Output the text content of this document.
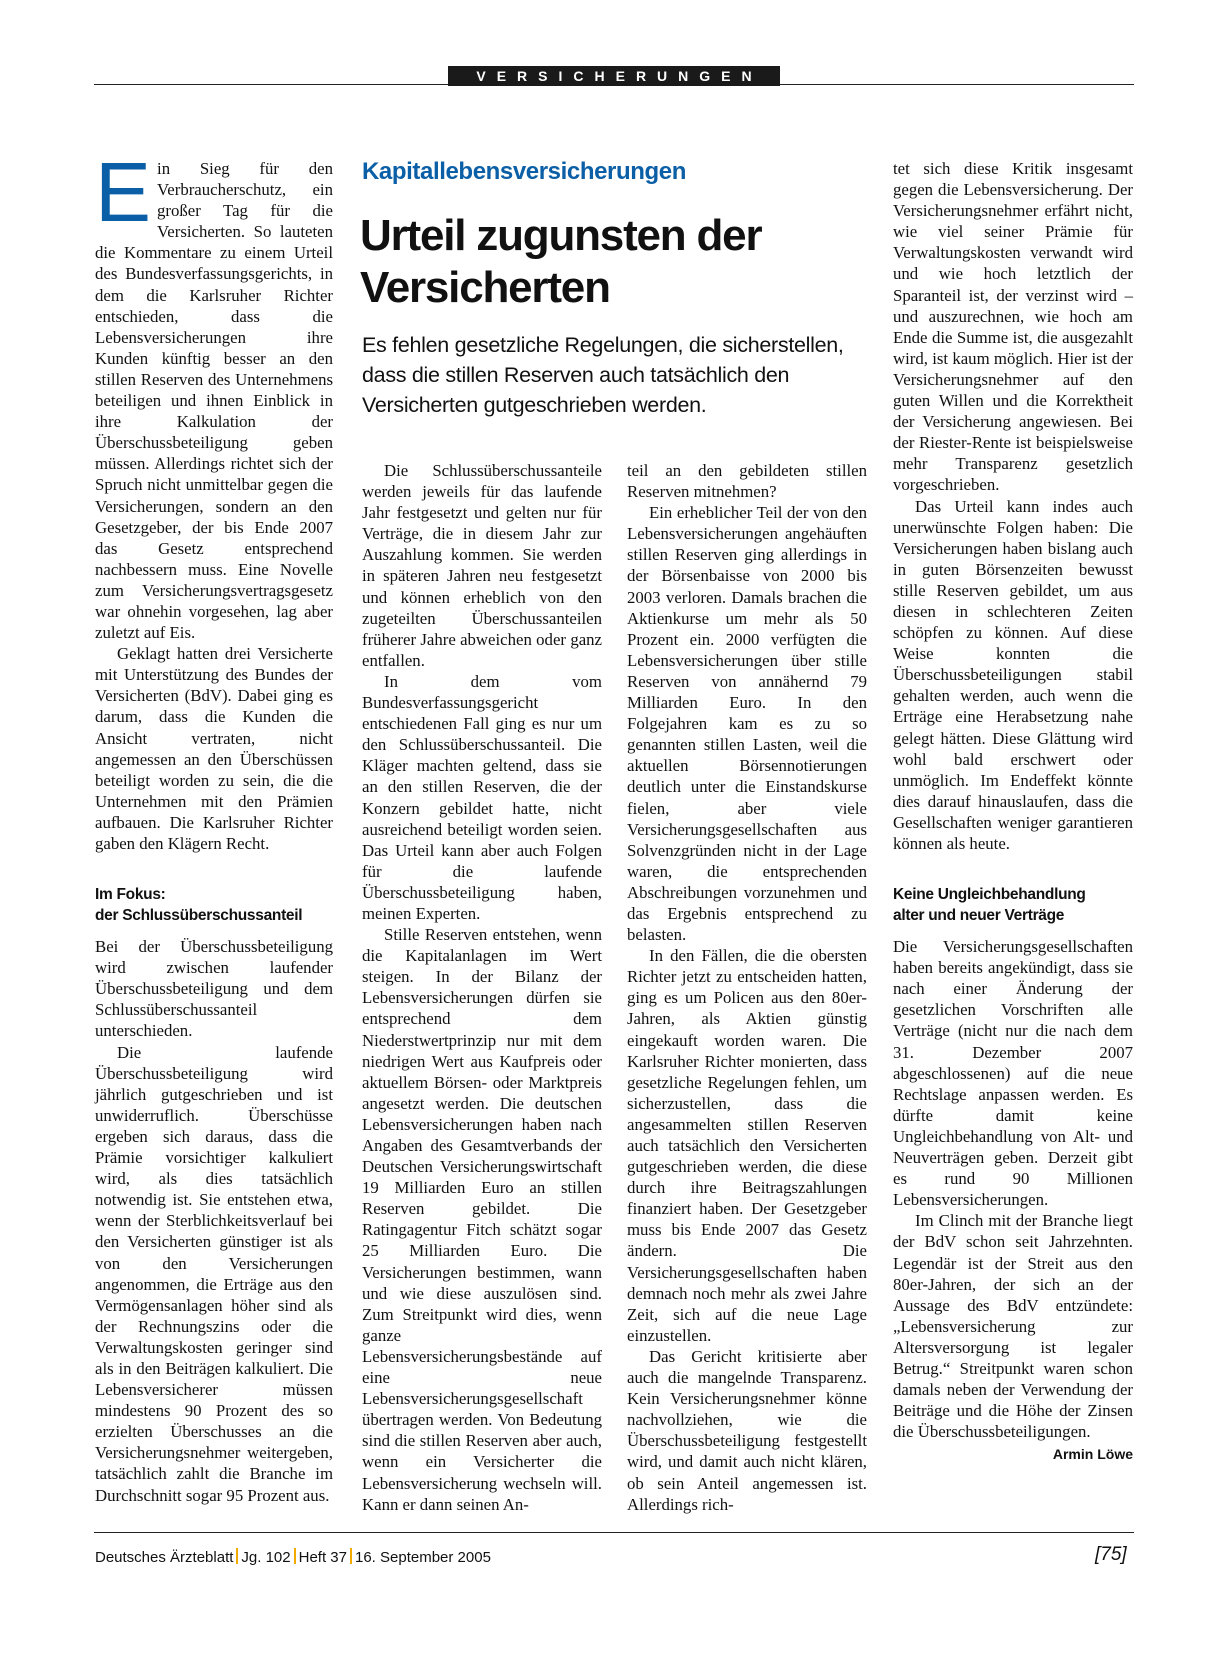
VERSICHERUNGEN
Kapitallebensversicherungen
Urteil zugunsten der Versicherten
Es fehlen gesetzliche Regelungen, die sicherstellen, dass die stillen Reserven auch tatsächlich den Versicherten gutgeschrieben werden.

Ein Sieg für den Verbraucherschutz, ein großer Tag für die Versicherten. So lauteten die Kommentare zu einem Urteil des Bundesverfassungsgerichts, in dem die Karlsruher Richter entschieden, dass die Lebensversicherungen ihre Kunden künftig besser an den stillen Reserven des Unternehmens beteiligen und ihnen Einblick in ihre Kalkulation der Überschussbeteiligung geben müssen. Allerdings richtet sich der Spruch nicht unmittelbar gegen die Versicherungen, sondern an den Gesetzgeber, der bis Ende 2007 das Gesetz entsprechend nachbessern muss. Eine Novelle zum Versicherungsvertragsgesetz war ohnehin vorgesehen, lag aber zuletzt auf Eis.

Geklagt hatten drei Versicherte mit Unterstützung des Bundes der Versicherten (BdV). Dabei ging es darum, dass die Kunden die Ansicht vertraten, nicht angemessen an den Überschüssen beteiligt worden zu sein, die die Unternehmen mit den Prämien aufbauen. Die Karlsruher Richter gaben den Klägern Recht.

Im Fokus:
der Schlussüberschussanteil

Bei der Überschussbeteiligung wird zwischen laufender Überschussbeteiligung und dem Schlussüberschussanteil unterschieden.

Die laufende Überschussbeteiligung wird jährlich gutgeschrieben und ist unwiderruflich. Überschüsse ergeben sich daraus, dass die Prämie vorsichtiger kalkuliert wird, als dies tatsächlich notwendig ist. Sie entstehen etwa, wenn der Sterblichkeitsverlauf bei den Versicherten günstiger ist als von den Versicherungen angenommen, die Erträge aus den Vermögensanlagen höher sind als der Rechnungszins oder die Verwaltungskosten geringer sind als in den Beiträgen kalkuliert. Die Lebensversicherer müssen mindestens 90 Prozent des so erzielten Überschusses an die Versicherungsnehmer weitergeben, tatsächlich zahlt die Branche im Durchschnitt sogar 95 Prozent aus.

Die Schlussüberschussanteile werden jeweils für das laufende Jahr festgesetzt und gelten nur für Verträge, die in diesem Jahr zur Auszahlung kommen. Sie werden in späteren Jahren neu festgesetzt und können erheblich von den zugeteilten Überschussanteilen früherer Jahre abweichen oder ganz entfallen.

In dem vom Bundesverfassungsgericht entschiedenen Fall ging es nur um den Schlussüberschussanteil. Die Kläger machten geltend, dass sie an den stillen Reserven, die der Konzern gebildet hatte, nicht ausreichend beteiligt worden seien. Das Urteil kann aber auch Folgen für die laufende Überschussbeteiligung haben, meinen Experten.

Stille Reserven entstehen, wenn die Kapitalanlagen im Wert steigen. In der Bilanz der Lebensversicherungen dürfen sie entsprechend dem Niederstwertprinzip nur mit dem niedrigen Wert aus Kaufpreis oder aktuellem Börsen- oder Marktpreis angesetzt werden. Die deutschen Lebensversicherungen haben nach Angaben des Gesamtverbands der Deutschen Versicherungswirtschaft 19 Milliarden Euro an stillen Reserven gebildet. Die Ratingagentur Fitch schätzt sogar 25 Milliarden Euro. Die Versicherungen bestimmen, wann und wie diese auszulösen sind. Zum Streitpunkt wird dies, wenn ganze Lebensversicherungsbestände auf eine neue Lebensversicherungsgesellschaft übertragen werden. Von Bedeutung sind die stillen Reserven aber auch, wenn ein Versicherter die Lebensversicherung wechseln will. Kann er dann seinen An-

teil an den gebildeten stillen Reserven mitnehmen?

Ein erheblicher Teil der von den Lebensversicherungen angehäuften stillen Reserven ging allerdings in der Börsenbaisse von 2000 bis 2003 verloren. Damals brachen die Aktienkurse um mehr als 50 Prozent ein. 2000 verfügten die Lebensversicherungen über stille Reserven von annähernd 79 Milliarden Euro. In den Folgejahren kam es zu so genannten stillen Lasten, weil die aktuellen Börsennotierungen deutlich unter die Einstandskurse fielen, aber viele Versicherungsgesellschaften aus Solvenzgründen nicht in der Lage waren, die entsprechenden Abschreibungen vorzunehmen und das Ergebnis entsprechend zu belasten.

In den Fällen, die die obersten Richter jetzt zu entscheiden hatten, ging es um Policen aus den 80er-Jahren, als Aktien günstig eingekauft worden waren. Die Karlsruher Richter monierten, dass gesetzliche Regelungen fehlen, um sicherzustellen, dass die angesammelten stillen Reserven auch tatsächlich den Versicherten gutgeschrieben werden, die diese durch ihre Beitragszahlungen finanziert haben. Der Gesetzgeber muss bis Ende 2007 das Gesetz ändern. Die Versicherungsgesellschaften haben demnach noch mehr als zwei Jahre Zeit, sich auf die neue Lage einzustellen.

Das Gericht kritisierte aber auch die mangelnde Transparenz. Kein Versicherungsnehmer könne nachvollziehen, wie die Überschussbeteiligung festgestellt wird, und damit auch nicht klären, ob sein Anteil angemessen ist. Allerdings rich-

tet sich diese Kritik insgesamt gegen die Lebensversicherung. Der Versicherungsnehmer erfährt nicht, wie viel seiner Prämie für Verwaltungskosten verwandt wird und wie hoch letztlich der Sparanteil ist, der verzinst wird – und auszurechnen, wie hoch am Ende die Summe ist, die ausgezahlt wird, ist kaum möglich. Hier ist der Versicherungsnehmer auf den guten Willen und die Korrektheit der Versicherung angewiesen. Bei der Riester-Rente ist beispielsweise mehr Transparenz gesetzlich vorgeschrieben.

Das Urteil kann indes auch unerwünschte Folgen haben: Die Versicherungen haben bislang auch in guten Börsenzeiten bewusst stille Reserven gebildet, um aus diesen in schlechteren Zeiten schöpfen zu können. Auf diese Weise konnten die Überschussbeteiligungen stabil gehalten werden, auch wenn die Erträge eine Herabsetzung nahe gelegt hätten. Diese Glättung wird wohl bald erschwert oder unmöglich. Im Endeffekt könnte dies darauf hinauslaufen, dass die Gesellschaften weniger garantieren können als heute.

Keine Ungleichbehandlung
alter und neuer Verträge

Die Versicherungsgesellschaften haben bereits angekündigt, dass sie nach einer Änderung der gesetzlichen Vorschriften alle Verträge (nicht nur die nach dem 31. Dezember 2007 abgeschlossenen) auf die neue Rechtslage anpassen werden. Es dürfte damit keine Ungleichbehandlung von Alt- und Neuverträgen geben. Derzeit gibt es rund 90 Millionen Lebensversicherungen.

Im Clinch mit der Branche liegt der BdV schon seit Jahrzehnten. Legendär ist der Streit aus den 80er-Jahren, der sich an der Aussage des BdV entzündete: „Lebensversicherung zur Altersversorgung ist legaler Betrug.“ Streitpunkt waren schon damals neben der Verwendung der Beiträge und die Höhe der Zinsen die Überschussbeteiligungen.
Armin Löwe

Deutsches Ärzteblatt Jg. 102 Heft 37 16. September 2005	[75]
